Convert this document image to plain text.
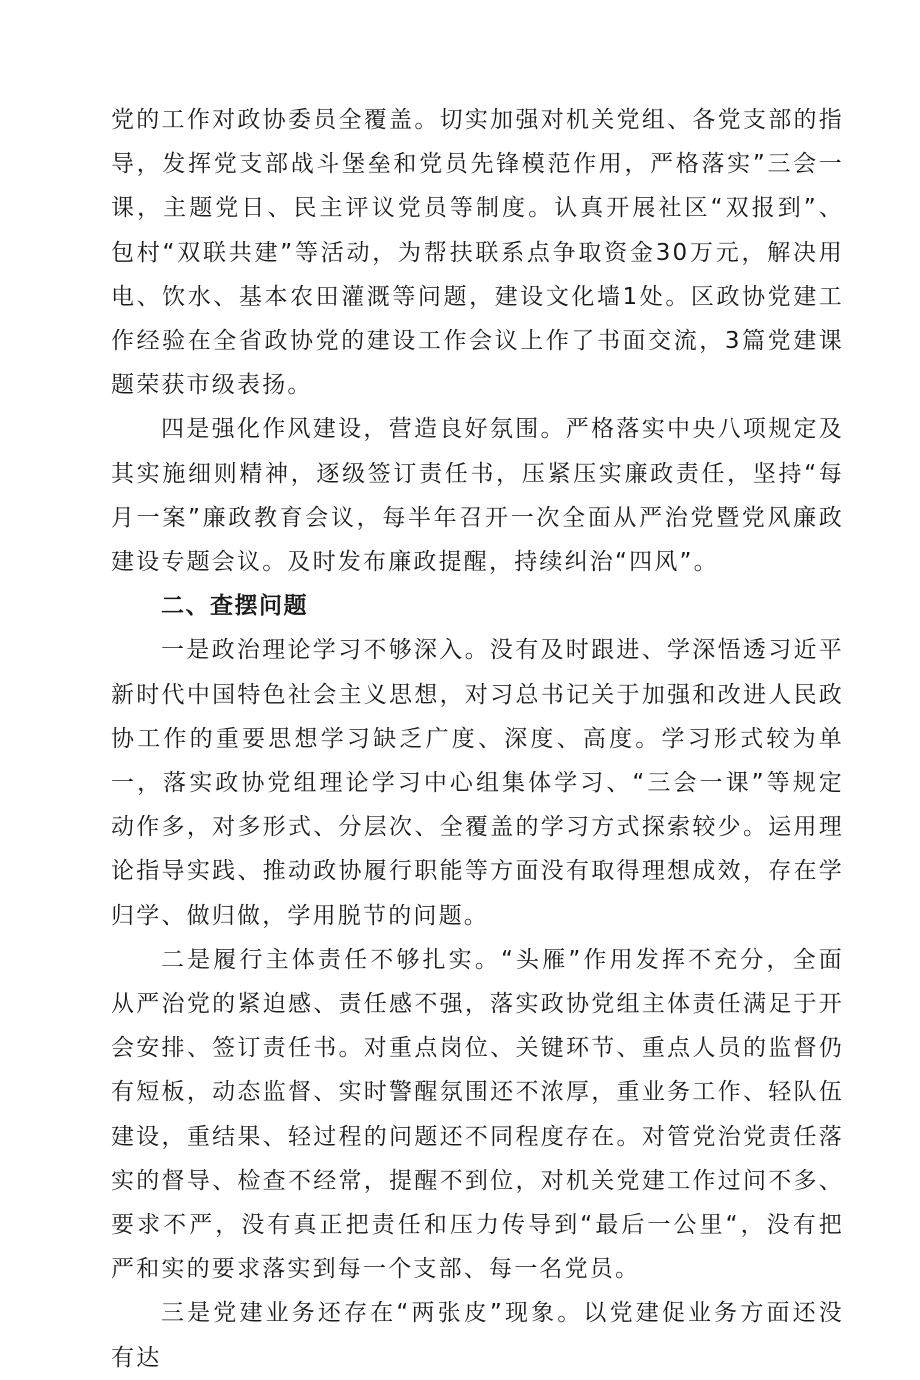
党的工作对政协委员全覆盖。切实加强对机关党组、各党支部的指导，发挥党支部战斗堡垒和党员先锋模范作用，严格落实”三会一课，主题党日、民主评议党员等制度。认真开展社区“双报到”、包村“双联共建”等活动，为帮扶联系点争取资金30万元，解决用电、饮水、基本农田灌溉等问题，建设文化墙1处。区政协党建工作经验在全省政协党的建设工作会议上作了书面交流，3篇党建课题荣获市级表扬。

四是强化作风建设，营造良好氛围。严格落实中央八项规定及其实施细则精神，逐级签订责任书，压紧压实廉政责任，坚持“每月一案”廉政教育会议，每半年召开一次全面从严治党暨党风廉政建设专题会议。及时发布廉政提醒，持续纠治“四风”。

二、查摆问题

一是政治理论学习不够深入。没有及时跟进、学深悟透习近平新时代中国特色社会主义思想，对习总书记关于加强和改进人民政协工作的重要思想学习缺乏广度、深度、高度。学习形式较为单一，落实政协党组理论学习中心组集体学习、“三会一课”等规定动作多，对多形式、分层次、全覆盖的学习方式探索较少。运用理论指导实践、推动政协履行职能等方面没有取得理想成效，存在学归学、做归做，学用脱节的问题。

二是履行主体责任不够扎实。“头雁”作用发挥不充分，全面从严治党的紧迫感、责任感不强，落实政协党组主体责任满足于开会安排、签订责任书。对重点岗位、关键环节、重点人员的监督仍有短板，动态监督、实时警醒氛围还不浓厚，重业务工作、轻队伍建设，重结果、轻过程的问题还不同程度存在。对管党治党责任落实的督导、检查不经常，提醒不到位，对机关党建工作过问不多、要求不严，没有真正把责任和压力传导到“最后一公里“，没有把严和实的要求落实到每一个支部、每一名党员。

三是党建业务还存在“两张皮”现象。以党建促业务方面还没有达
